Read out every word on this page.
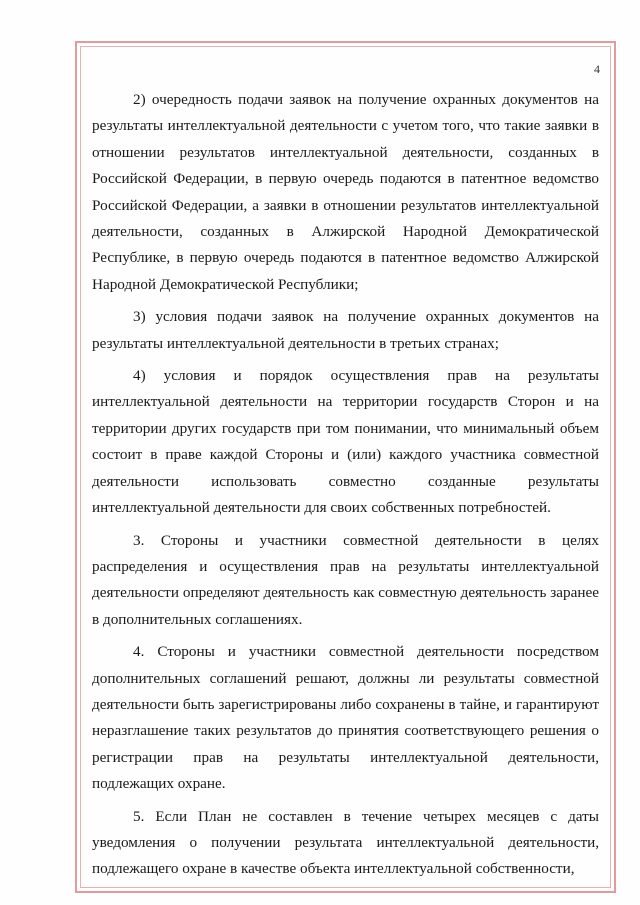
4

2) очередность подачи заявок на получение охранных документов на результаты интеллектуальной деятельности с учетом того, что такие заявки в отношении результатов интеллектуальной деятельности, созданных в Российской Федерации, в первую очередь подаются в патентное ведомство Российской Федерации, а заявки в отношении результатов интеллектуальной деятельности, созданных в Алжирской Народной Демократической Республике, в первую очередь подаются в патентное ведомство Алжирской Народной Демократической Республики;

3) условия подачи заявок на получение охранных документов на результаты интеллектуальной деятельности в третьих странах;

4) условия и порядок осуществления прав на результаты интеллектуальной деятельности на территории государств Сторон и на территории других государств при том понимании, что минимальный объем состоит в праве каждой Стороны и (или) каждого участника совместной деятельности использовать совместно созданные результаты интеллектуальной деятельности для своих собственных потребностей.

3. Стороны и участники совместной деятельности в целях распределения и осуществления прав на результаты интеллектуальной деятельности определяют деятельность как совместную деятельность заранее в дополнительных соглашениях.

4. Стороны и участники совместной деятельности посредством дополнительных соглашений решают, должны ли результаты совместной деятельности быть зарегистрированы либо сохранены в тайне, и гарантируют неразглашение таких результатов до принятия соответствующего решения о регистрации прав на результаты интеллектуальной деятельности, подлежащих охране.

5. Если План не составлен в течение четырех месяцев с даты уведомления о получении результата интеллектуальной деятельности, подлежащего охране в качестве объекта интеллектуальной собственности,
